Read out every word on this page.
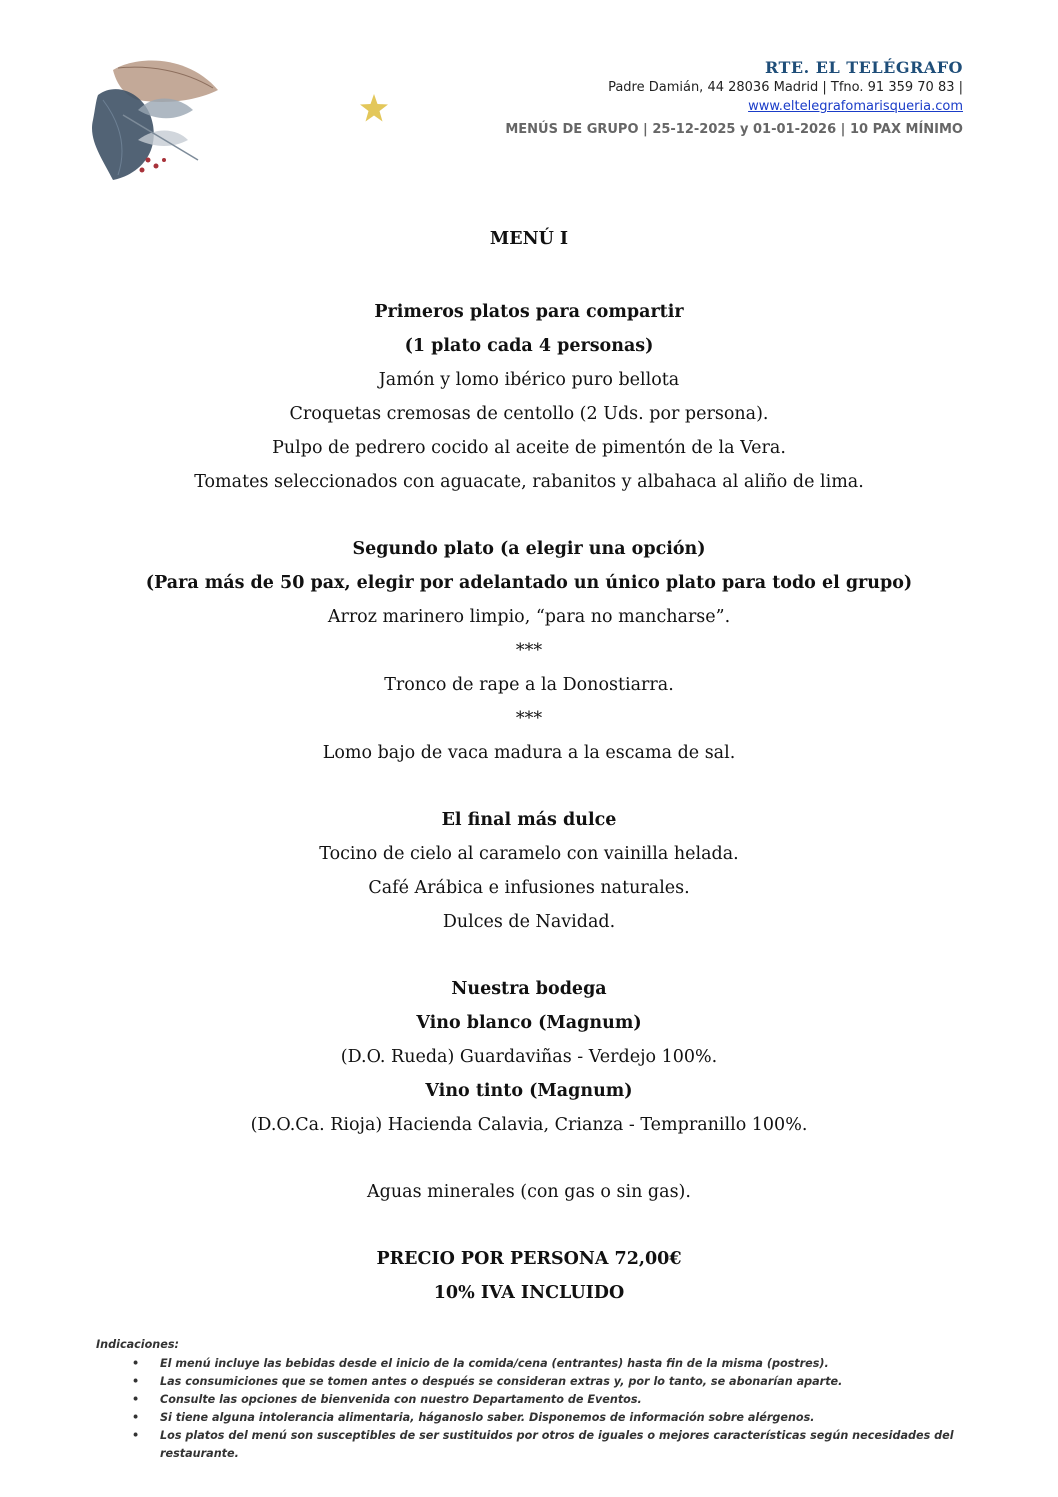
RTE. EL TELÉGRAFO
Padre Damián, 44 28036 Madrid | Tfno. 91 359 70 83 |
www.eltelegrafomarisqueria.com
MENÚS DE GRUPO | 25-12-2025 y 01-01-2026 | 10 PAX MÍNIMO
MENÚ I
Primeros platos para compartir
(1 plato cada 4 personas)
Jamón y lomo ibérico puro bellota
Croquetas cremosas de centollo (2 Uds. por persona).
Pulpo de pedrero cocido al aceite de pimentón de la Vera.
Tomates seleccionados con aguacate, rabanitos y albahaca al aliño de lima.
Segundo plato (a elegir una opción)
(Para más de 50 pax, elegir por adelantado un único plato para todo el grupo)
Arroz marinero limpio, “para no mancharse”.
***
Tronco de rape a la Donostiarra.
***
Lomo bajo de vaca madura a la escama de sal.
El final más dulce
Tocino de cielo al caramelo con vainilla helada.
Café Arábica e infusiones naturales.
Dulces de Navidad.
Nuestra bodega
Vino blanco (Magnum)
(D.O. Rueda) Guardaviñas - Verdejo 100%.
Vino tinto (Magnum)
(D.O.Ca. Rioja) Hacienda Calavia, Crianza - Tempranillo 100%.
Aguas minerales (con gas o sin gas).
PRECIO POR PERSONA 72,00€
10% IVA INCLUIDO
Indicaciones:
• El menú incluye las bebidas desde el inicio de la comida/cena (entrantes) hasta fin de la misma (postres).
• Las consumiciones que se tomen antes o después se consideran extras y, por lo tanto, se abonarían aparte.
• Consulte las opciones de bienvenida con nuestro Departamento de Eventos.
• Si tiene alguna intolerancia alimentaria, háganoslo saber. Disponemos de información sobre alérgenos.
• Los platos del menú son susceptibles de ser sustituidos por otros de iguales o mejores características según necesidades del restaurante.
